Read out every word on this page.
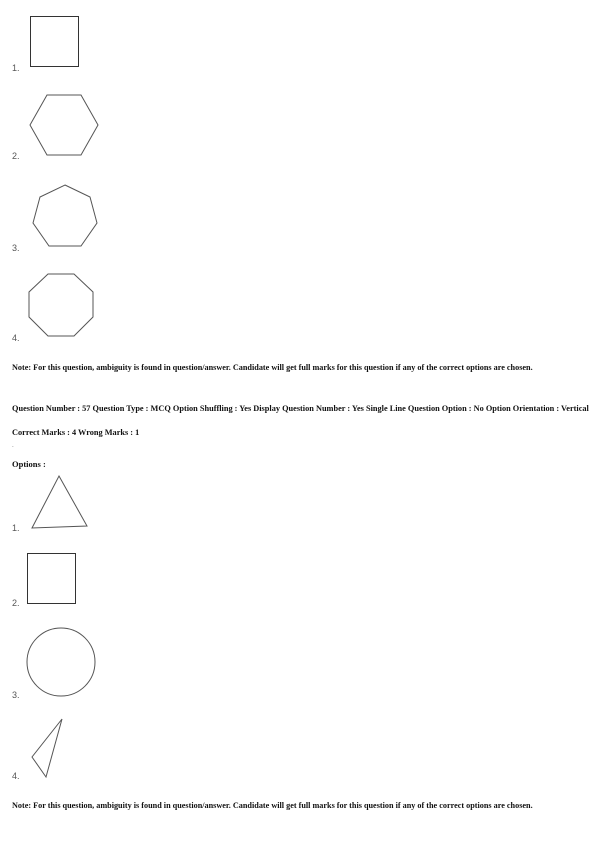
1.
2.
3.
4.
Note: For this question, ambiguity is found in question/answer. Candidate will get full marks for this question if any of the correct options are chosen.
Question Number : 57 Question Type : MCQ Option Shuffling : Yes Display Question Number : Yes Single Line Question Option : No Option Orientation : Vertical
Correct Marks : 4 Wrong Marks : 1
.
Options :
1.
2.
3.
4.
Note: For this question, ambiguity is found in question/answer. Candidate will get full marks for this question if any of the correct options are chosen.
